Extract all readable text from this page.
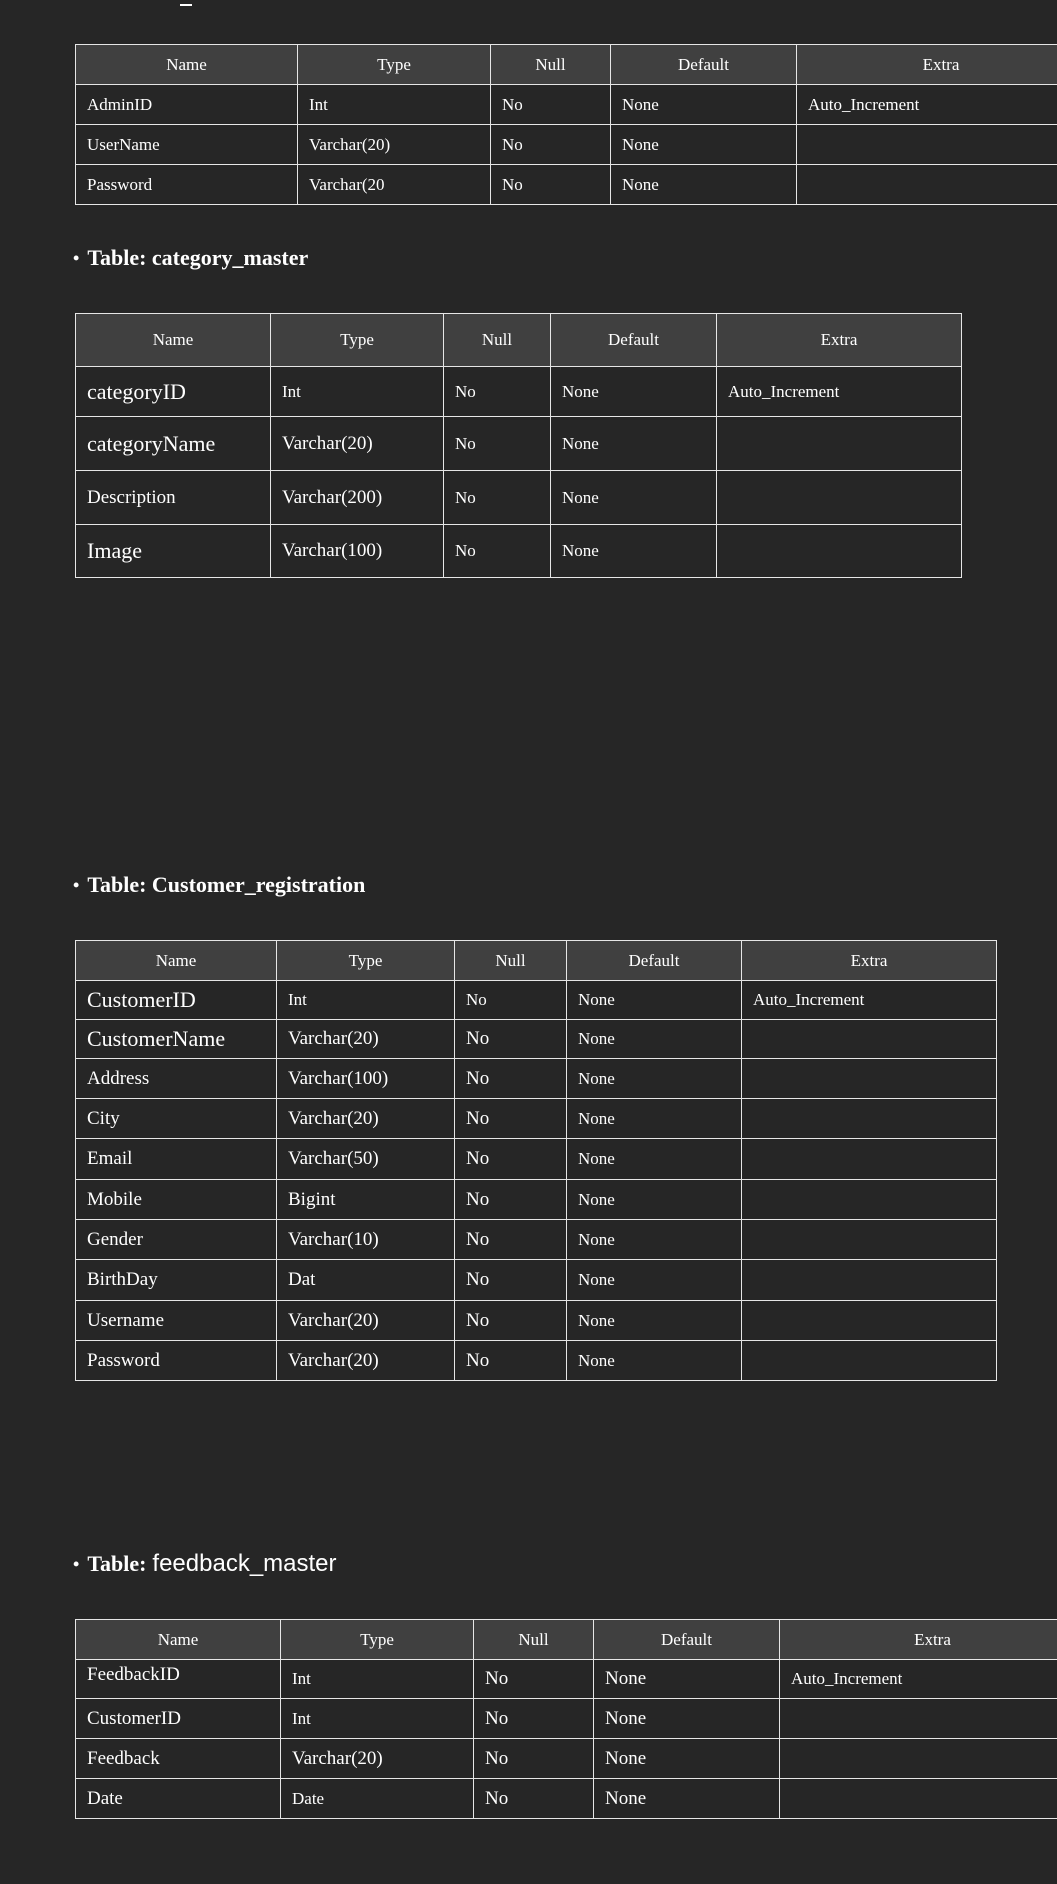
Name	Type	Null	Default	Extra
AdminID	Int	No	None	Auto_Increment
UserName	Varchar(20)	No	None	
Password	Varchar(20	No	None	
• Table:
category_master
Name	Type	Null	Default	Extra
categoryID	Int	No	None	Auto_Increment
categoryName	Varchar(20)	No	None	
Description	Varchar(200)	No	None	
Image	Varchar(100)	No	None	
• Table:
Customer_registration
Name	Type	Null	Default	Extra
CustomerID	Int	No	None	Auto_Increment
CustomerName	Varchar(20)	No	None	
Address	Varchar(100)	No	None	
City	Varchar(20)	No	None	
Email	Varchar(50)	No	None	
Mobile	Bigint	No	None	
Gender	Varchar(10)	No	None	
BirthDay	Dat	No	None	
Username	Varchar(20)	No	None	
Password	Varchar(20)	No	None	
• Table: feedback_master
Name	Type	Null	Default	Extra
FeedbackID	Int	No	None	Auto_Increment
CustomerID	Int	No	None	
Feedback	Varchar(20)	No	None	
Date	Date	No	None	
